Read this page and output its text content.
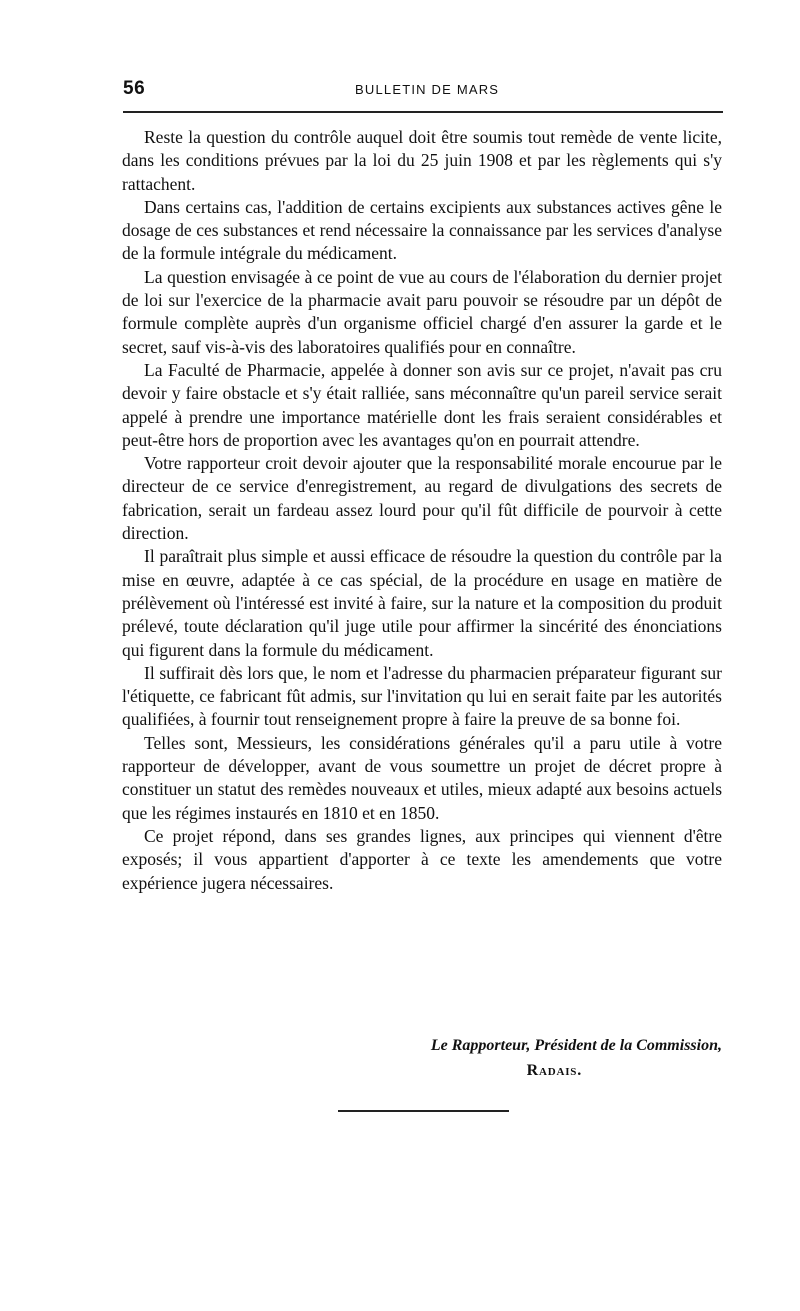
56	BULLETIN DE MARS

Reste la question du contrôle auquel doit être soumis tout remède de vente licite, dans les conditions prévues par la loi du 25 juin 1908 et par les règlements qui s'y rattachent.

Dans certains cas, l'addition de certains excipients aux substances actives gêne le dosage de ces substances et rend nécessaire la connaissance par les services d'analyse de la formule intégrale du médicament.

La question envisagée à ce point de vue au cours de l'élaboration du dernier projet de loi sur l'exercice de la pharmacie avait paru pouvoir se résoudre par un dépôt de formule complète auprès d'un organisme officiel chargé d'en assurer la garde et le secret, sauf vis-à-vis des laboratoires qualifiés pour en connaître.

La Faculté de Pharmacie, appelée à donner son avis sur ce projet, n'avait pas cru devoir y faire obstacle et s'y était ralliée, sans méconnaître qu'un pareil service serait appelé à prendre une importance matérielle dont les frais seraient considérables et peut-être hors de proportion avec les avantages qu'on en pourrait attendre.

Votre rapporteur croit devoir ajouter que la responsabilité morale encourue par le directeur de ce service d'enregistrement, au regard de divulgations des secrets de fabrication, serait un fardeau assez lourd pour qu'il fût difficile de pourvoir à cette direction.

Il paraîtrait plus simple et aussi efficace de résoudre la question du contrôle par la mise en œuvre, adaptée à ce cas spécial, de la procédure en usage en matière de prélèvement où l'intéressé est invité à faire, sur la nature et la composition du produit prélevé, toute déclaration qu'il juge utile pour affirmer la sincérité des énonciations qui figurent dans la formule du médicament.

Il suffirait dès lors que, le nom et l'adresse du pharmacien préparateur figurant sur l'étiquette, ce fabricant fût admis, sur l'invitation qu lui en serait faite par les autorités qualifiées, à fournir tout renseignement propre à faire la preuve de sa bonne foi.

Telles sont, Messieurs, les considérations générales qu'il a paru utile à votre rapporteur de développer, avant de vous soumettre un projet de décret propre à constituer un statut des remèdes nouveaux et utiles, mieux adapté aux besoins actuels que les régimes instaurés en 1810 et en 1850.

Ce projet répond, dans ses grandes lignes, aux principes qui viennent d'être exposés; il vous appartient d'apporter à ce texte les amendements que votre expérience jugera nécessaires.

Le Rapporteur, Président de la Commission,
Radais.
